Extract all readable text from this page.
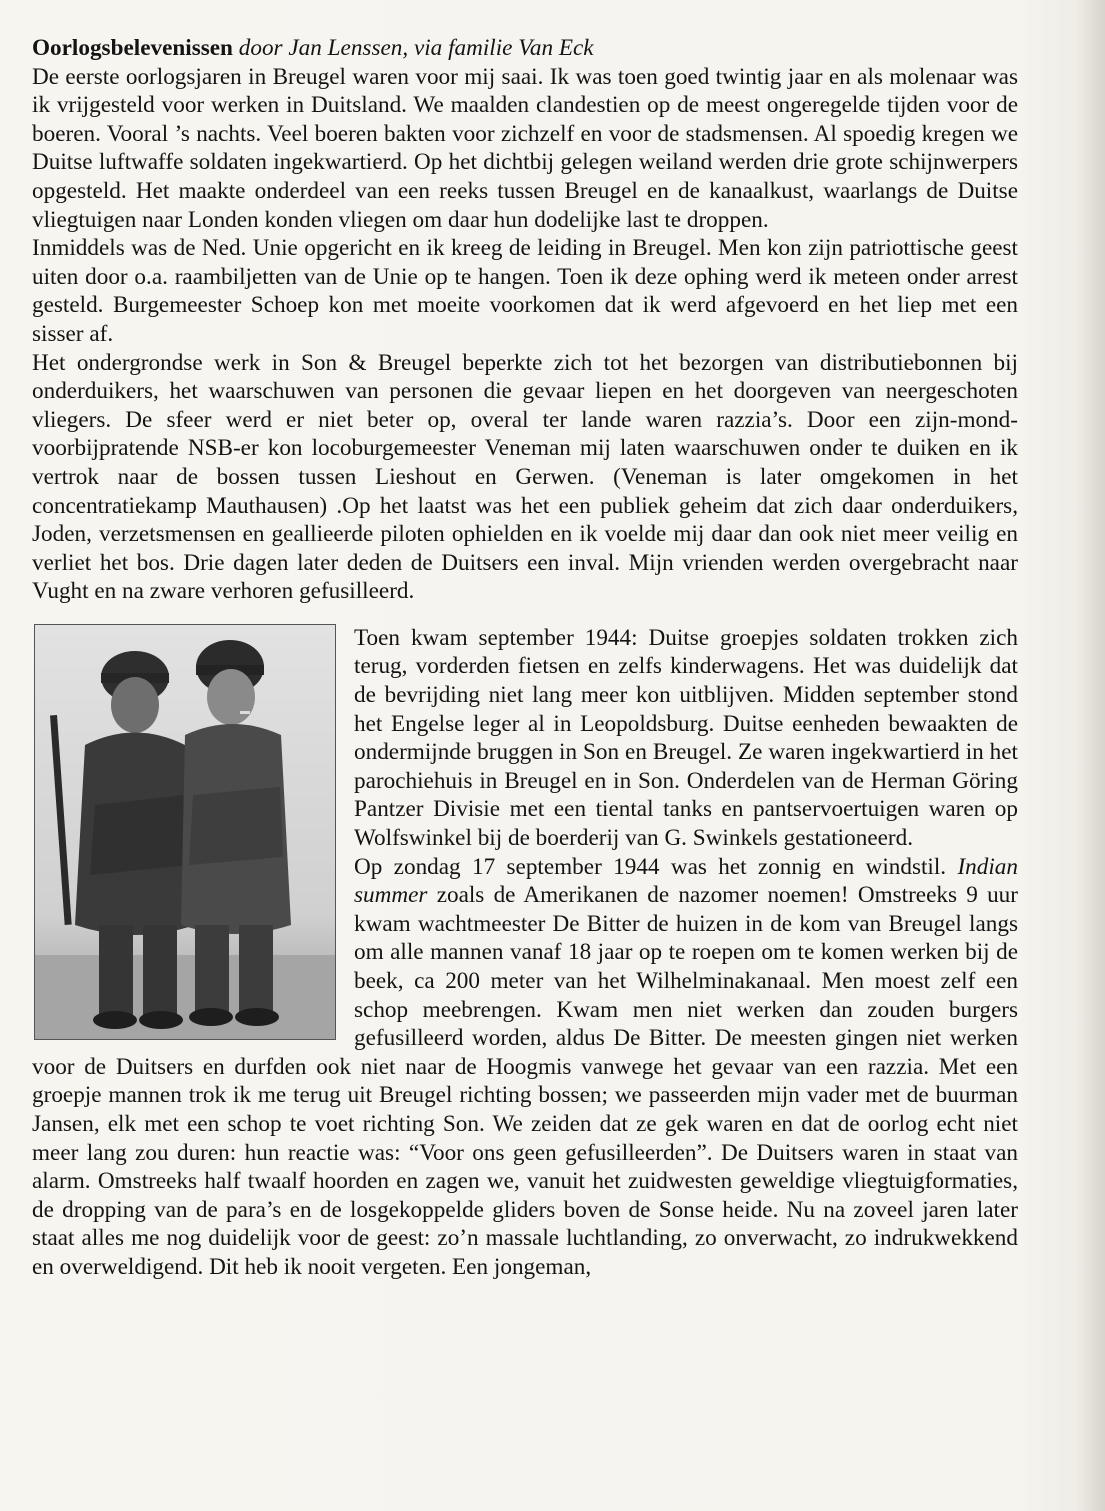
Oorlogsbelevenissen door Jan Lenssen, via familie Van Eck

De eerste oorlogsjaren in Breugel waren voor mij saai. Ik was toen goed twintig jaar en als molenaar was ik vrijgesteld voor werken in Duitsland. We maalden clandestien op de meest ongeregelde tijden voor de boeren. Vooral ’s nachts. Veel boeren bakten voor zichzelf en voor de stadsmensen. Al spoedig kregen we Duitse luftwaffe soldaten ingekwartierd. Op het dichtbij gelegen weiland werden drie grote schijnwerpers opgesteld. Het maakte onderdeel van een reeks tussen Breugel en de kanaalkust, waarlangs de Duitse vliegtuigen naar Londen konden vliegen om daar hun dodelijke last te droppen.

Inmiddels was de Ned. Unie opgericht en ik kreeg de leiding in Breugel. Men kon zijn patriottische geest uiten door o.a. raambiljetten van de Unie op te hangen. Toen ik deze ophing werd ik meteen onder arrest gesteld. Burgemeester Schoep kon met moeite voorkomen dat ik werd afgevoerd en het liep met een sisser af.

Het ondergrondse werk in Son & Breugel beperkte zich tot het bezorgen van distributiebonnen bij onderduikers, het waarschuwen van personen die gevaar liepen en het doorgeven van neergeschoten vliegers. De sfeer werd er niet beter op, overal ter lande waren razzia’s. Door een zijn-mond-voorbijpratende NSB-er kon locoburgemeester Veneman mij laten waarschuwen onder te duiken en ik vertrok naar de bossen tussen Lieshout en Gerwen. (Veneman is later omgekomen in het concentratiekamp Mauthausen) .Op het laatst was het een publiek geheim dat zich daar onderduikers, Joden, verzetsmensen en geallieerde piloten ophielden en ik voelde mij daar dan ook niet meer veilig en verliet het bos. Drie dagen later deden de Duitsers een inval. Mijn vrienden werden overgebracht naar Vught en na zware verhoren gefusilleerd.

Toen kwam september 1944: Duitse groepjes soldaten trokken zich terug, vorderden fietsen en zelfs kinderwagens. Het was duidelijk dat de bevrijding niet lang meer kon uitblijven. Midden september stond het Engelse leger al in Leopoldsburg. Duitse eenheden bewaakten de ondermijnde bruggen in Son en Breugel. Ze waren ingekwartierd in het parochiehuis in Breugel en in Son. Onderdelen van de Herman Göring Pantzer Divisie met een tiental tanks en pantservoertuigen waren op Wolfswinkel bij de boerderij van G. Swinkels gestationeerd.

Op zondag 17 september 1944 was het zonnig en windstil. Indian summer zoals de Amerikanen de nazomer noemen! Omstreeks 9 uur kwam wachtmeester De Bitter de huizen in de kom van Breugel langs om alle mannen vanaf 18 jaar op te roepen om te komen werken bij de beek, ca 200 meter van het Wilhelminakanaal. Men moest zelf een schop meebrengen. Kwam men niet werken dan zouden burgers gefusilleerd worden, aldus De Bitter. De meesten gingen niet werken voor de Duitsers en durfden ook niet naar de Hoogmis vanwege het gevaar van een razzia. Met een groepje mannen trok ik me terug uit Breugel richting bossen; we passeerden mijn vader met de buurman Jansen, elk met een schop te voet richting Son. We zeiden dat ze gek waren en dat de oorlog echt niet meer lang zou duren: hun reactie was: “Voor ons geen gefusilleerden”. De Duitsers waren in staat van alarm. Omstreeks half twaalf hoorden en zagen we, vanuit het zuidwesten geweldige vliegtuigformaties, de dropping van de para’s en de losgekoppelde gliders boven de Sonse heide. Nu na zoveel jaren later staat alles me nog duidelijk voor de geest: zo’n massale luchtlanding, zo onverwacht, zo indrukwekkend en overweldigend. Dit heb ik nooit vergeten. Een jongeman,
